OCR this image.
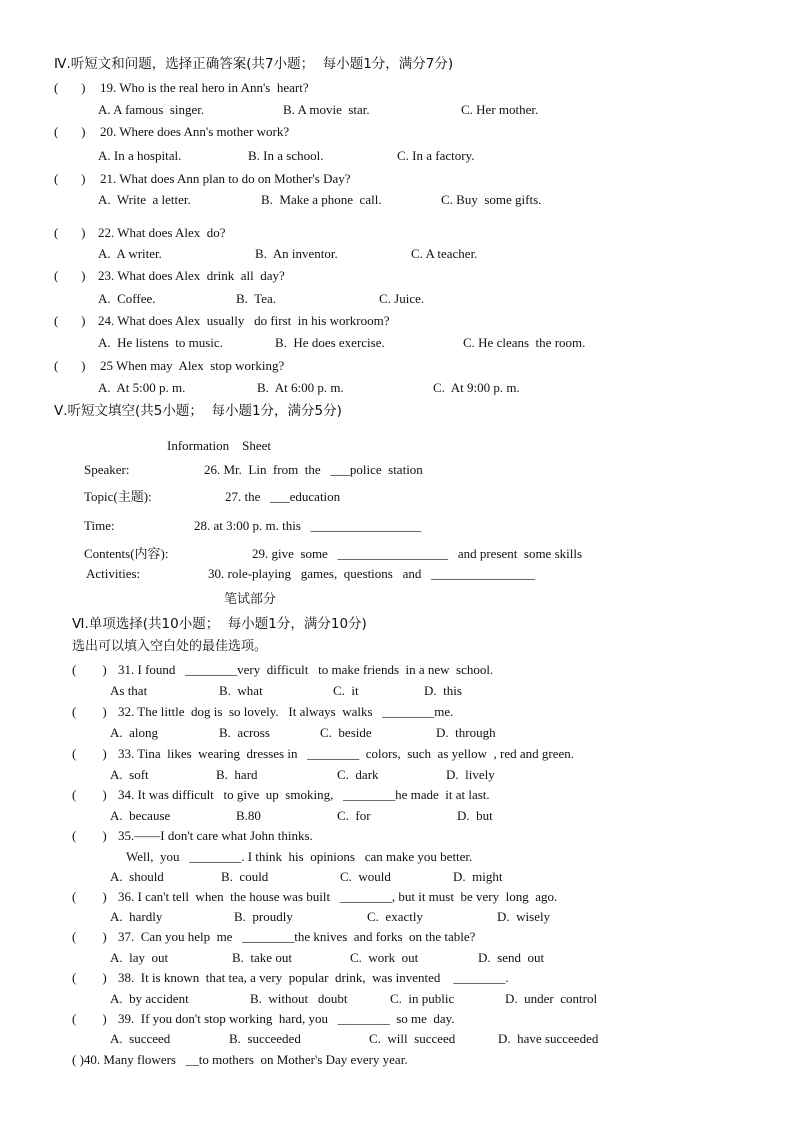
Ⅳ.听短文和问题，选择正确答案(共7小题；  每小题1分，满分7分)
(       ) 19. Who is the real hero in Ann's  heart?
A. A famous  singer.	B. A movie  star.	C. Her mother.
(       ) 20. Where does Ann's mother work?
A. In a hospital.	B. In a school.	C. In a factory.
(       ) 21. What does Ann plan to do on Mother's Day?
A.  Write  a letter.	B.  Make a phone  call.	C. Buy  some gifts.
(       ) 22. What does Alex  do?
A.  A writer.	B.  An inventor.	C. A teacher.
(       ) 23. What does Alex  drink  all  day?
A.  Coffee.	B.  Tea.	C. Juice.
(       ) 24. What does Alex  usually   do first  in his workroom?
A.  He listens  to music.	B.  He does exercise.	C. He cleans  the room.
(       ) 25 When may  Alex  stop working?
A.  At 5:00 p. m.	B.  At 6:00 p. m.	C.  At 9:00 p. m.
Ⅴ.听短文填空(共5小题；  每小题1分，满分5分)
Information    Sheet
Speaker:	26. Mr.  Lin  from  the   ___police  station
Topic(主题):	27. the   ___education
Time:	28. at 3:00 p. m. this   _________________
Contents(内容):	29. give  some   _________________   and present  some skills
Activities:	30. role-playing   games,  questions   and   ________________
笔试部分
Ⅵ.单项选择(共10小题；  每小题1分，满分10分)
选出可以填入空白处的最佳选项。
(        ) 31. I found   ________very  difficult   to make friends  in a new  school.
As that	B.  what	C.  it	D.  this
(        ) 32. The little  dog is  so lovely.   It always  walks   ________me.
A.  along	B.  across	C.  beside	D.  through
(        ) 33. Tina  likes  wearing  dresses in   ________  colors,  such  as yellow  , red and green.
A.  soft	B.  hard	C.  dark	D.  lively
(        ) 34. It was difficult   to give  up  smoking,   ________he made  it at last.
A.  because	B.80	C.  for	D.  but
(        ) 35.——I don't care what John thinks.
Well,  you   ________. I think  his  opinions   can make you better.
A.  should	B.  could	C.  would	D.  might
(        ) 36. I can't tell  when  the house was built   ________, but it must  be very  long  ago.
A.  hardly	B.  proudly	C.  exactly	D.  wisely
(        ) 37.  Can you help  me   ________the knives  and forks  on the table?
A.  lay  out	B.  take out	C.  work  out	D.  send  out
(        ) 38.  It is known  that tea, a very  popular  drink,  was invented    ________.
A.  by accident	B.  without   doubt	C.  in public	D.  under  control
(        ) 39.  If you don't stop working  hard, you   ________  so me  day.
A.  succeed	B.  succeeded	C.  will  succeed	D.  have succeeded
( )40. Many flowers   __to mothers  on Mother's Day every year.
